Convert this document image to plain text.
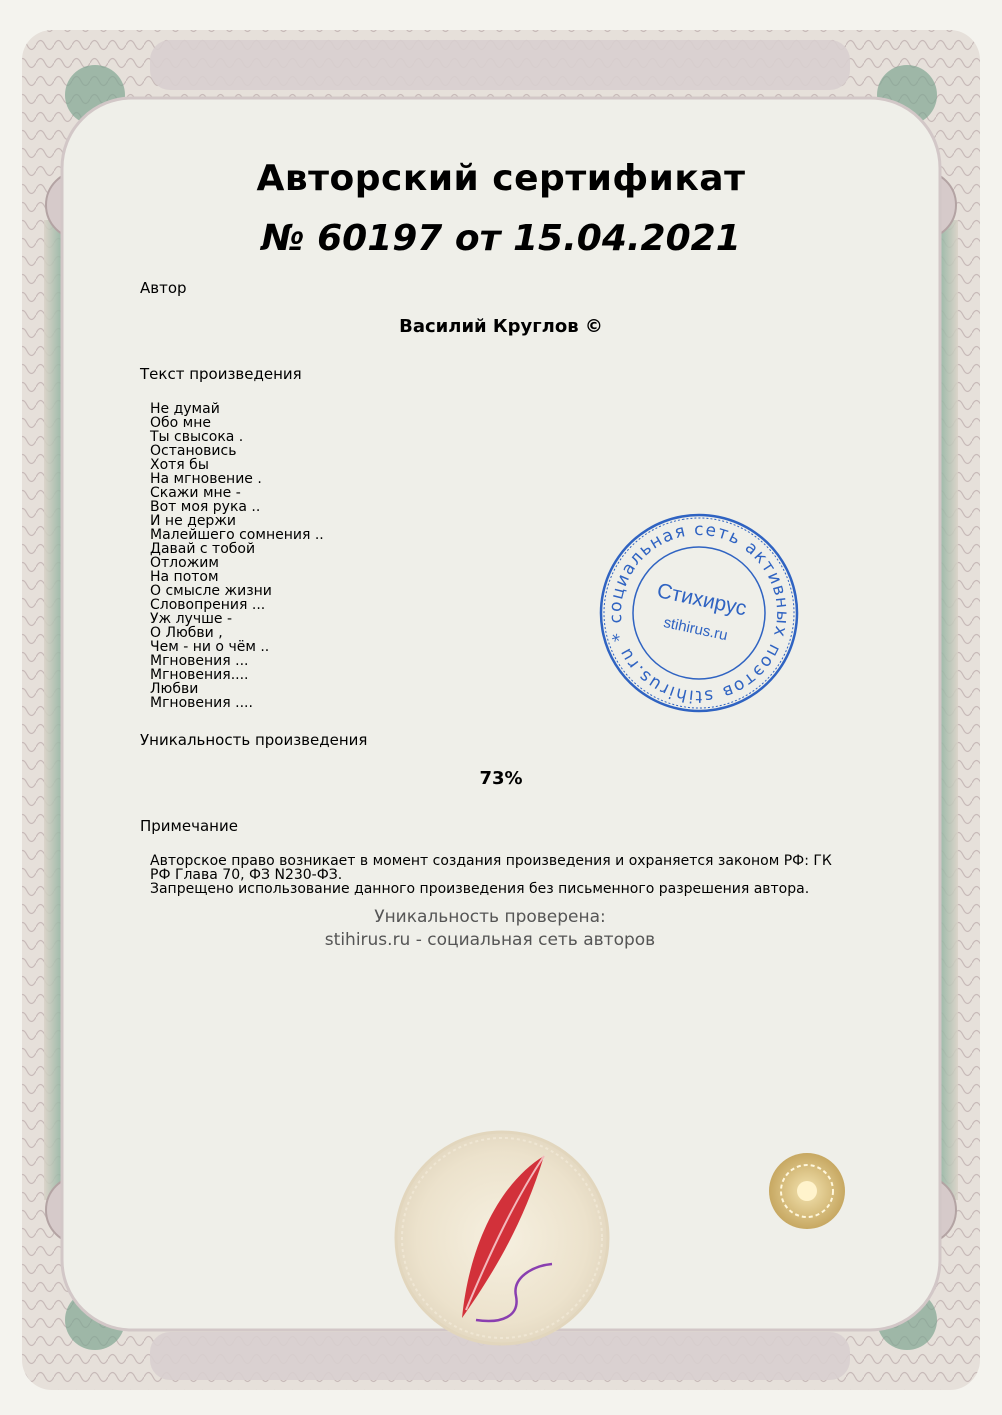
Авторский сертификат
№ 60197 от 15.04.2021
Автор
Василий Круглов ©
Текст произведения
Не думай
Обо мне
Ты свысока .
Остановись
Хотя бы
На мгновение .
Скажи мне -
Вот моя рука ..
И не держи
Малейшего сомнения ..
Давай с тобой
Отложим
На потом
О смысле жизни
Словопрения ...
Уж лучше -
О Любви ,
Чем - ни о чём ..
Мгновения ...
Мгновения....
Любви
Мгновения ....	stihirus.ru * социальная сеть активных поэтов
Стихирус
stihirus.ru
Уникальность произведения
73%
Примечание
Авторское право возникает в момент создания произведения и охраняется законом РФ: ГК РФ Глава 70, ФЗ N230-ФЗ.
Запрещено использование данного произведения без письменного разрешения автора.
Уникальность проверена:
stihirus.ru - социальная сеть авторов
